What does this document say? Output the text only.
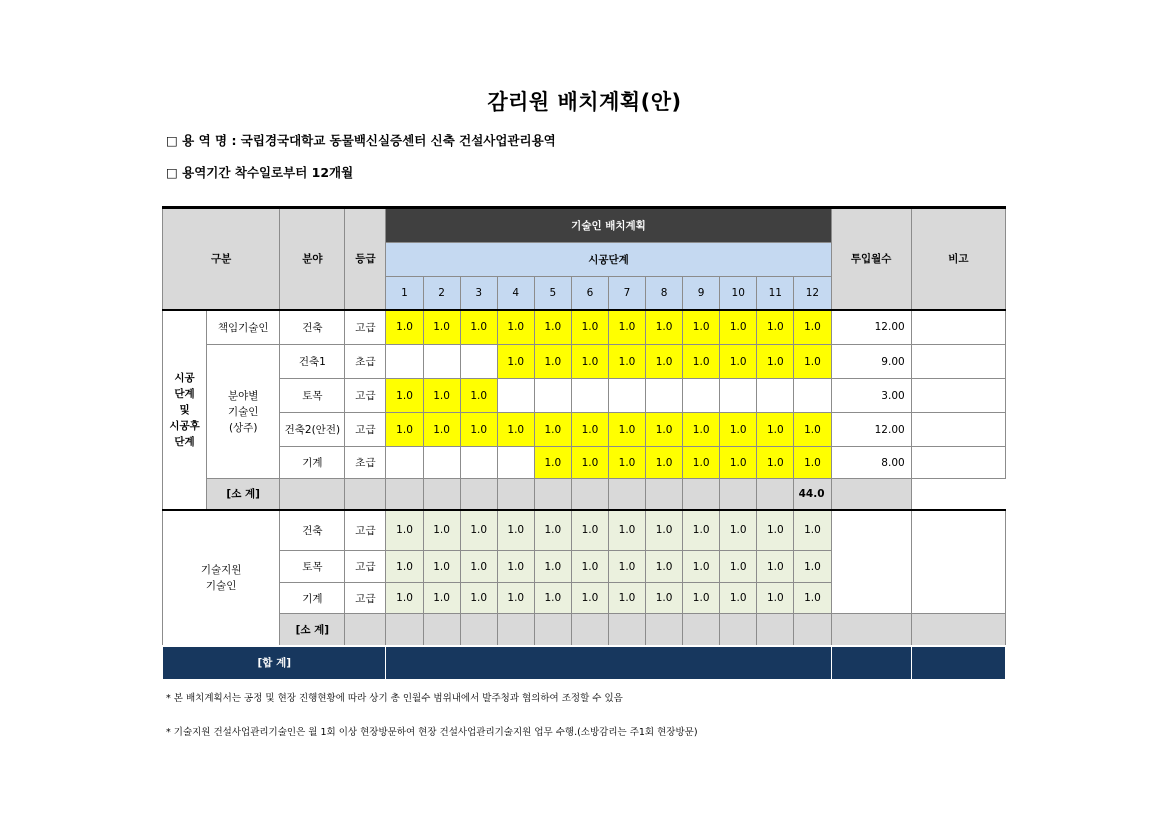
감리원 배치계획(안)
□ 용 역 명 : 국립경국대학교 동물백신실증센터 신축 건설사업관리용역
□ 용역기간 착수일로부터 12개월
구분		분야	등급	기술인 배치계획												투입월수	비고
				시공단계													
				1	2	3	4	5	6	7	8	9	10	11	12		
시공
단계
및
시공후
단계	책임기술인	건축	고급	1.0	1.0	1.0	1.0	1.0	1.0	1.0	1.0	1.0	1.0	1.0	1.0	12.00	
	분야별
기술인
(상주)	건축1	초급				1.0	1.0	1.0	1.0	1.0	1.0	1.0	1.0	1.0	9.00	
		토목	고급	1.0	1.0	1.0										3.00	
		건축2(안전)	고급	1.0	1.0	1.0	1.0	1.0	1.0	1.0	1.0	1.0	1.0	1.0	1.0	12.00	
		기계	초급					1.0	1.0	1.0	1.0	1.0	1.0	1.0	1.0	8.00	
	[소 계]														44.0		
기술지원
기술인		건축	고급	1.0	1.0	1.0	1.0	1.0	1.0	1.0	1.0	1.0	1.0	1.0	1.0		
		토목	고급	1.0	1.0	1.0	1.0	1.0	1.0	1.0	1.0	1.0	1.0	1.0	1.0		
		기계	고급	1.0	1.0	1.0	1.0	1.0	1.0	1.0	1.0	1.0	1.0	1.0	1.0		
		[소 계]															
[합 계]																	
* 본 배치계획서는 공정 및 현장 진행현황에 따라 상기 총 인월수 범위내에서 발주청과 협의하여 조정할 수 있음
* 기술지원 건설사업관리기술인은 월 1회 이상 현장방문하여 현장 건설사업관리기술지원 업무 수행.(소방감리는 주1회 현장방문)
